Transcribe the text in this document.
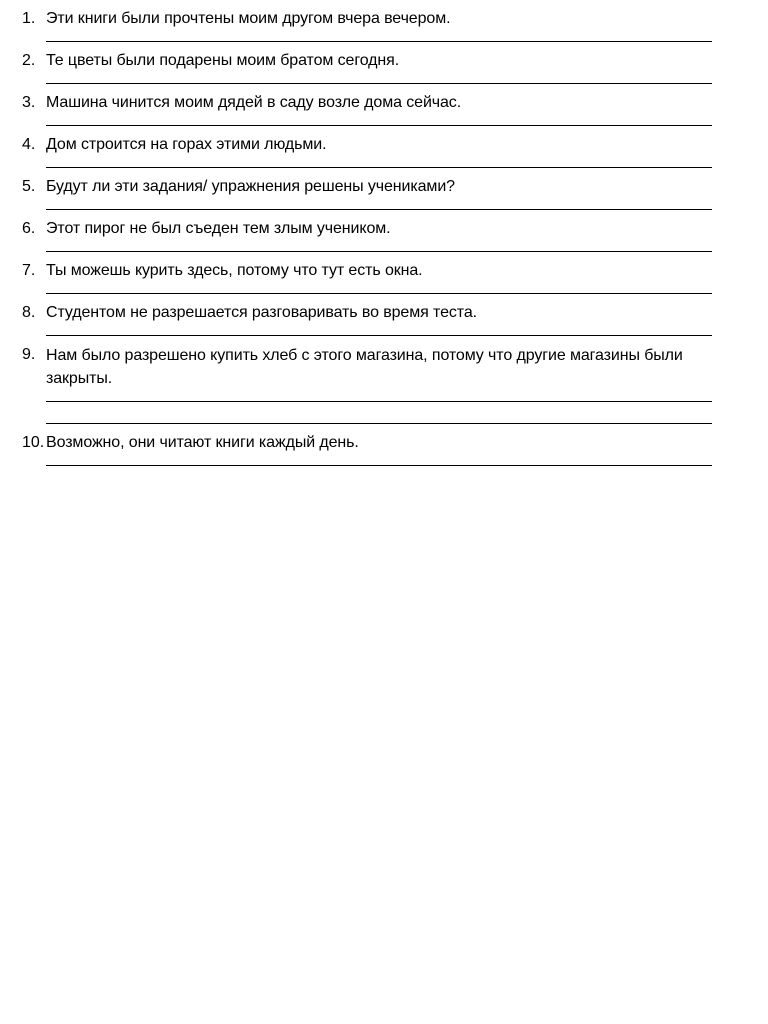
1. Эти книги были прочтены моим другом вчера вечером.
2. Те цветы были подарены моим братом сегодня.
3. Машина чинится моим дядей в саду возле дома сейчас.
4. Дом строится на горах этими людьми.
5. Будут ли эти задания/ упражнения решены учениками?
6. Этот пирог не был съеден тем злым учеником.
7. Ты можешь курить здесь, потому что тут есть окна.
8. Студентом не разрешается разговаривать во время теста.
9. Нам было разрешено купить хлеб с этого магазина, потому что другие магазины были закрыты.
10. Возможно, они читают книги каждый день.
